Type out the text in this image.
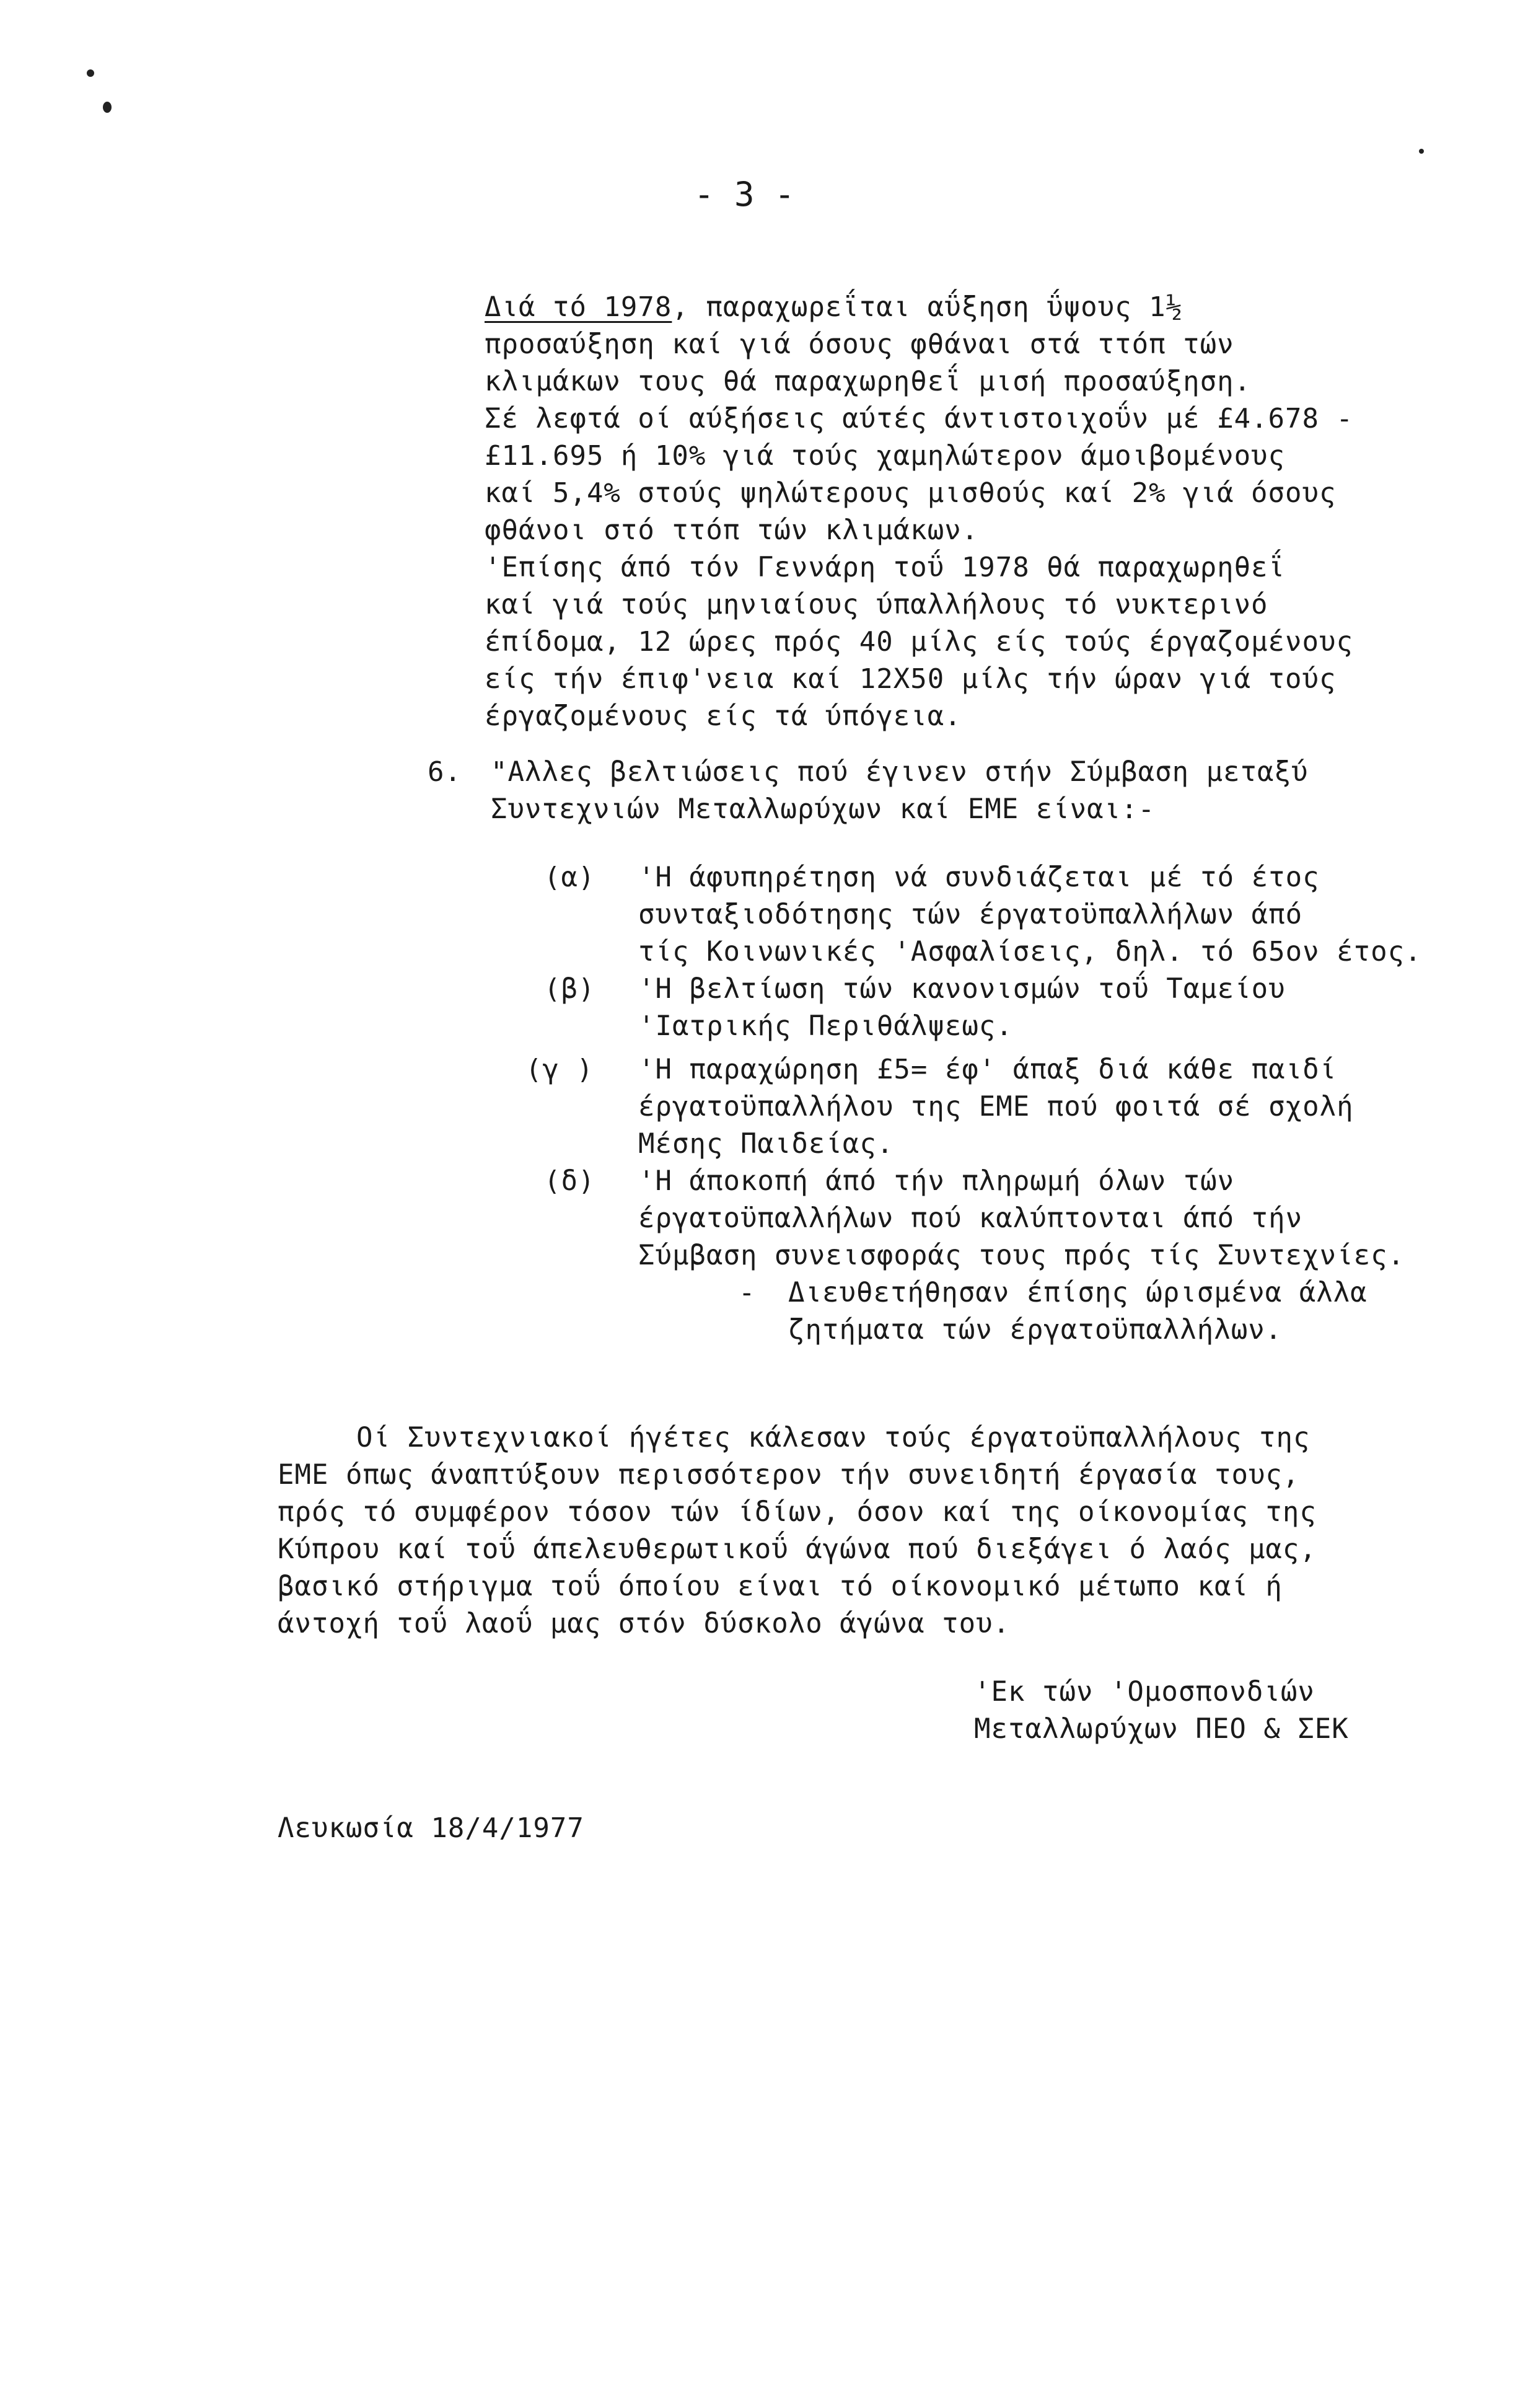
- 3 -
Διά τό 1978, παραχωρεΐται αΰξηση ΰψους 1½
προσαύξηση καί γιά όσους φθάναι στά ττόπ τών
κλιμάκων τους θά παραχωρηθεΐ μισή προσαύξηση.
Σέ λεφτά οί αύξήσεις αύτές άντιστοιχοΰν μέ £4.678 -
£11.695 ή 10% γιά τούς χαμηλώτερον άμοιβομένους
καί 5,4% στούς ψηλώτερους μισθούς καί 2% γιά όσους
φθάνοι στό ττόπ τών κλιμάκων.
'Επίσης άπό τόν Γεννάρη τοΰ 1978 θά παραχωρηθεΐ
καί γιά τούς μηνιαίους ύπαλλήλους τό νυκτερινό
έπίδομα, 12 ώρες πρός 40 μίλς είς τούς έργαζομένους
είς τήν έπιφ'νεια καί 12Χ50 μίλς τήν ώραν γιά τούς
έργαζομένους είς τά ύπόγεια.
6. "Αλλες βελτιώσεις πού έγινεν στήν Σύμβαση μεταξύ
Συντεχνιών Μεταλλωρύχων καί ΕΜΕ είναι:-
(α) 'Η άφυπηρέτηση νά συνδιάζεται μέ τό έτος
συνταξιοδότησης τών έργατοϋπαλλήλων άπό
τίς Κοινωνικές 'Ασφαλίσεις, δηλ. τό 65ον έτος.
(β) 'Η βελτίωση τών κανονισμών τοΰ Ταμείου
'Ιατρικής Περιθάλψεως.
(γ ) 'Η παραχώρηση £5= έφ' άπαξ διά κάθε παιδί
έργατοϋπαλλήλου της ΕΜΕ πού φοιτά σέ σχολή
Μέσης Παιδείας.
(δ) 'Η άποκοπή άπό τήν πληρωμή όλων τών
έργατοϋπαλλήλων πού καλύπτονται άπό τήν
Σύμβαση συνεισφοράς τους πρός τίς Συντεχνίες.
- Διευθετήθησαν έπίσης ώρισμένα άλλα
ζητήματα τών έργατοϋπαλλήλων.
Οί Συντεχνιακοί ήγέτες κάλεσαν τούς έργατοϋπαλλήλους της
ΕΜΕ όπως άναπτύξουν περισσότερον τήν συνειδητή έργασία τους,
πρός τό συμφέρον τόσον τών ίδίων, όσον καί της οίκονομίας της
Κύπρου καί τοΰ άπελευθερωτικοΰ άγώνα πού διεξάγει ό λαός μας,
βασικό στήριγμα τοΰ όποίου είναι τό οίκονομικό μέτωπο καί ή
άντοχή τοΰ λαοΰ μας στόν δύσκολο άγώνα του.
'Εκ τών 'Ομοσπονδιών
Μεταλλωρύχων ΠΕΟ & ΣΕΚ
Λευκωσία 18/4/1977
